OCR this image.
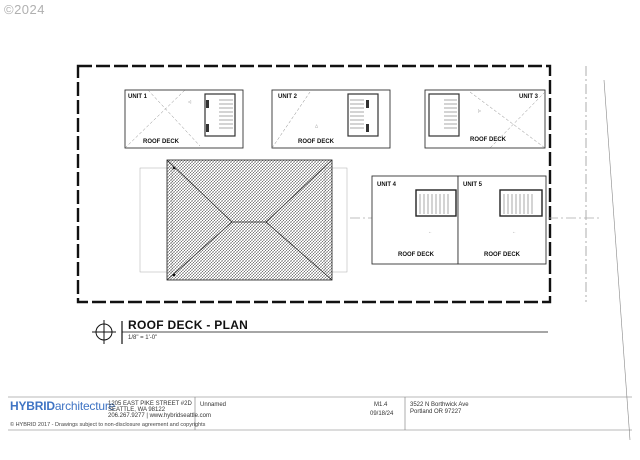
©2024
UNIT 1
ROOF DECK
UNIT 2
ROOF DECK
UNIT 3
ROOF DECK
UNIT 4
ROOF DECK
UNIT 5
ROOF DECK
◁
△
▷
←	←
ROOF DECK - PLAN
1/8" = 1'-0"
HYBRIDarchitecture
1205 EAST PIKE STREET #2D
SEATTLE, WA 98122
206.267.9277 | www.hybridseattle.com
Unnamed	M1.4
09/18/24
3522 N Borthwick Ave
Portland OR 97227
© HYBRID 2017 - Drawings subject to non-disclosure agreement and copyrights
